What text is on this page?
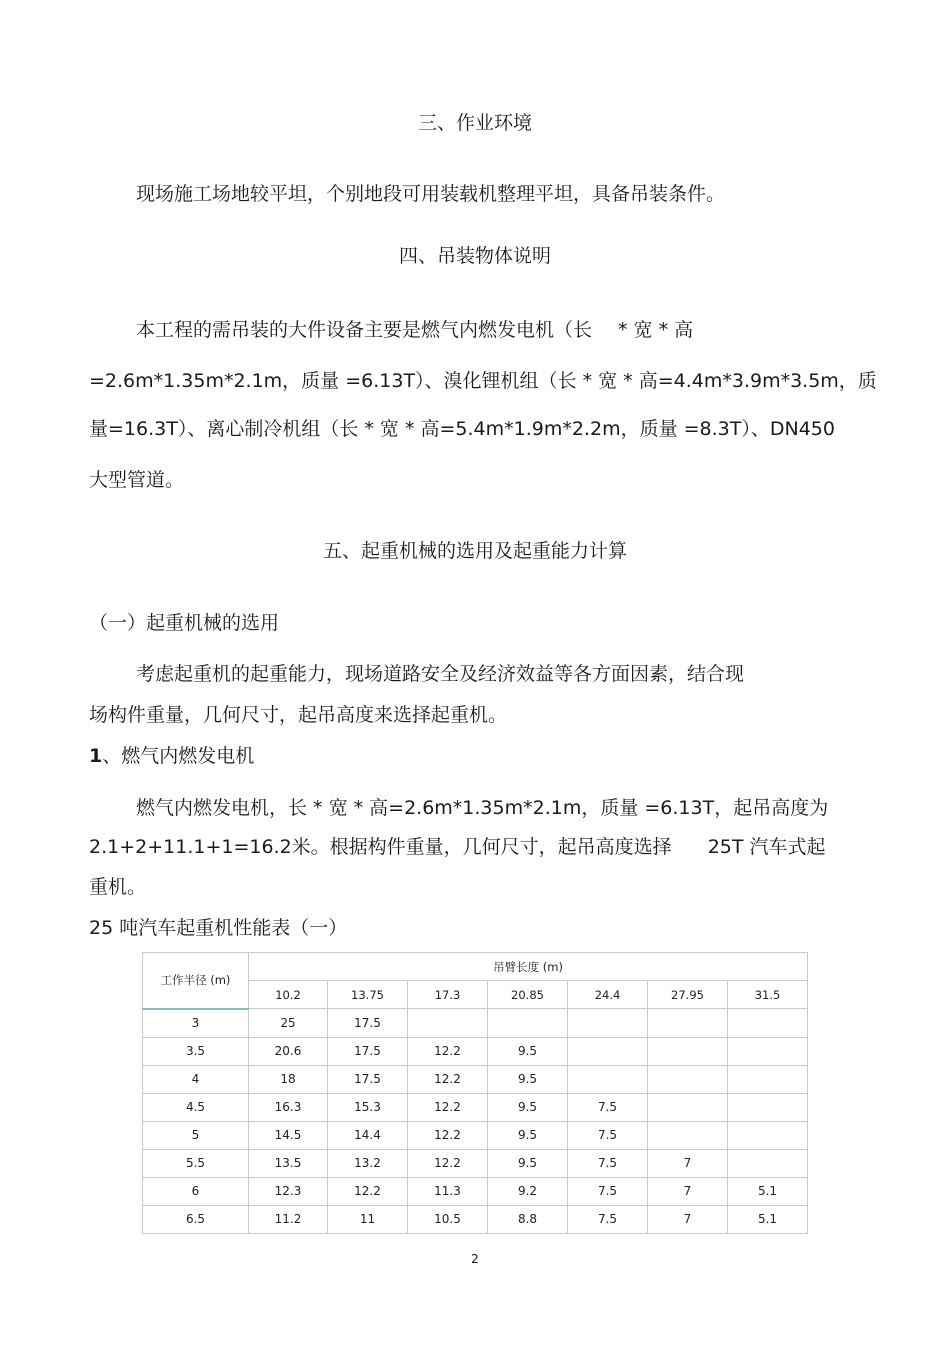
三、作业环境
现场施工场地较平坦，个别地段可用装载机整理平坦，具备吊装条件。
四、吊装物体说明
本工程的需吊装的大件设备主要是燃气内燃发电机（长 * 宽 * 高
=2.6m*1.35m*2.1m，质量 =6.13T）、溴化锂机组（长 * 宽 * 高=4.4m*3.9m*3.5m，质
量=16.3T）、离心制冷机组（长 * 宽 * 高=5.4m*1.9m*2.2m，质量 =8.3T）、DN450
大型管道。
五、起重机械的选用及起重能力计算
（一）起重机械的选用
考虑起重机的起重能力，现场道路安全及经济效益等各方面因素，结合现
场构件重量，几何尺寸，起吊高度来选择起重机。
1、燃气内燃发电机
燃气内燃发电机，长 * 宽 * 高=2.6m*1.35m*2.1m，质量 =6.13T，起吊高度为
2.1+2+11.1+1=16.2米。根据构件重量，几何尺寸，起吊高度选择 25T 汽车式起
重机。
25 吨汽车起重机性能表（一）
工作半径 (m)	吊臂长度 (m)						
	10.2	13.75	17.3	20.85	24.4	27.95	31.5
3	25	17.5					
3.5	20.6	17.5	12.2	9.5			
4	18	17.5	12.2	9.5			
4.5	16.3	15.3	12.2	9.5	7.5		
5	14.5	14.4	12.2	9.5	7.5		
5.5	13.5	13.2	12.2	9.5	7.5	7	
6	12.3	12.2	11.3	9.2	7.5	7	5.1
6.5	11.2	11	10.5	8.8	7.5	7	5.1
2
